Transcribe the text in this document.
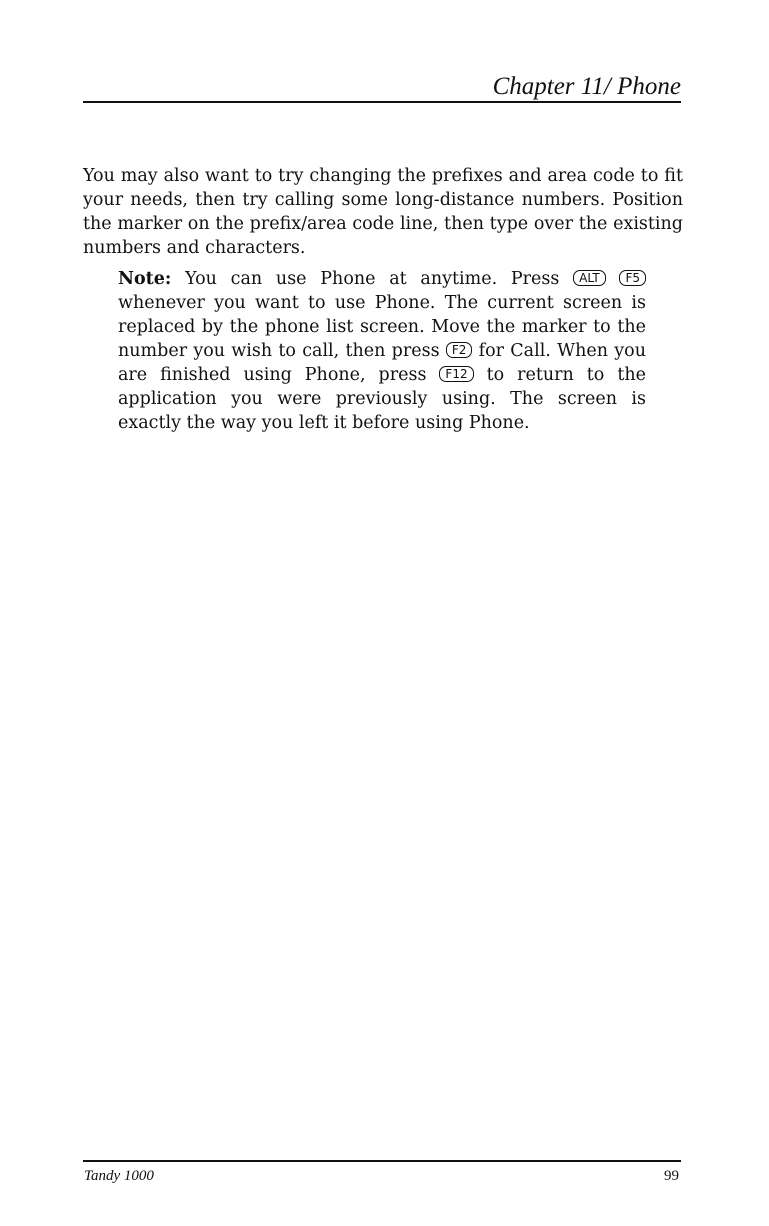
Chapter 11/ Phone

You may also want to try changing the prefixes and area code to fit your needs, then try calling some long-distance numbers. Position the marker on the prefix/area code line, then type over the existing numbers and characters.

Note: You can use Phone at anytime. Press ALT F5 whenever you want to use Phone. The current screen is replaced by the phone list screen. Move the marker to the number you wish to call, then press F2 for Call. When you are finished using Phone, press F12 to return to the application you were previously using. The screen is exactly the way you left it before using Phone.

Tandy 1000	99
